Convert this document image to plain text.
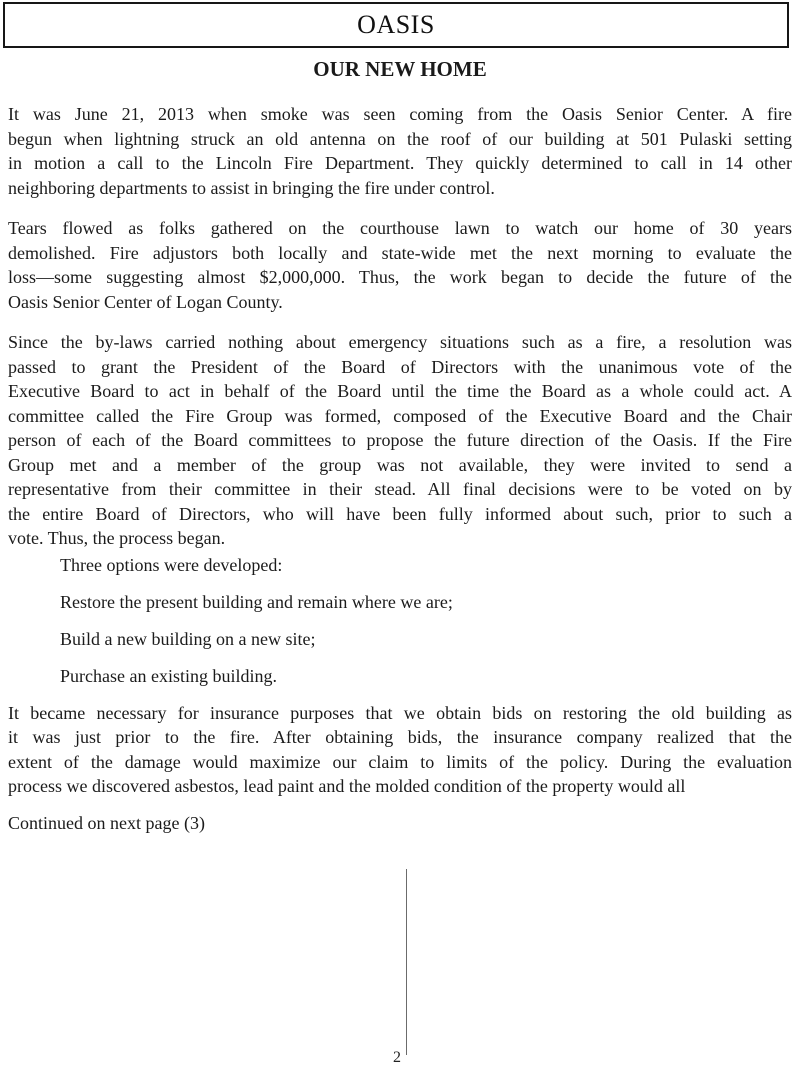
OASIS
OUR NEW HOME
It was June 21, 2013 when smoke was seen coming from the Oasis Senior Center. A fire
begun when lightning struck an old antenna on the roof of our building at 501 Pulaski setting
in motion a call to the Lincoln Fire Department. They quickly determined to call in 14 other
neighboring departments to assist in bringing the fire under control.
Tears flowed as folks gathered on the courthouse lawn to watch our home of 30 years
demolished. Fire adjustors both locally and state-wide met the next morning to evaluate the
loss—some suggesting almost $2,000,000. Thus, the work began to decide the future of the
Oasis Senior Center of Logan County.
Since the by-laws carried nothing about emergency situations such as a fire, a resolution was
passed to grant the President of the Board of Directors with the unanimous vote of the
Executive Board to act in behalf of the Board until the time the Board as a whole could act. A
committee called the Fire Group was formed, composed of the Executive Board and the Chair
person of each of the Board committees to propose the future direction of the Oasis. If the Fire
Group met and a member of the group was not available, they were invited to send a
representative from their committee in their stead. All final decisions were to be voted on by
the entire Board of Directors, who will have been fully informed about such, prior to such a
vote. Thus, the process began.
Three options were developed:
Restore the present building and remain where we are;
Build a new building on a new site;
Purchase an existing building.
It became necessary for insurance purposes that we obtain bids on restoring the old building as
it was just prior to the fire. After obtaining bids, the insurance company realized that the
extent of the damage would maximize our claim to limits of the policy. During the evaluation
process we discovered asbestos, lead paint and the molded condition of the property would all
Continued on next page (3)
2
